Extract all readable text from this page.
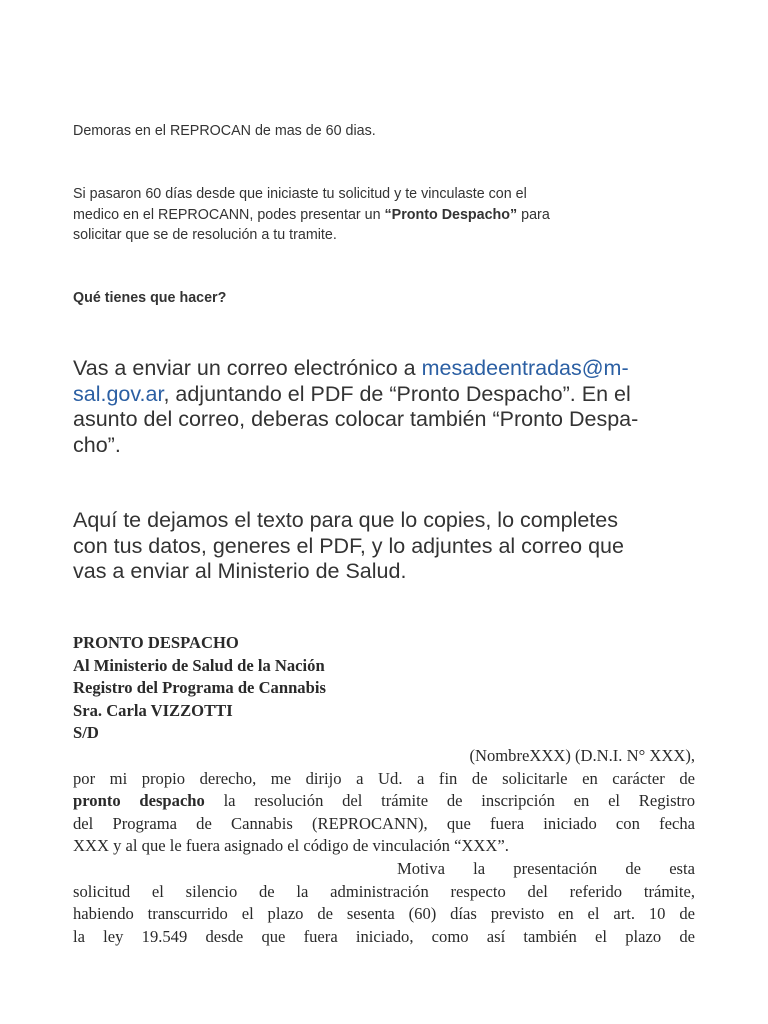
Demoras en el REPROCAN de mas de 60 dias.

Si pasaron 60 días desde que iniciaste tu solicitud y te vinculaste con el
medico en el REPROCANN, podes presentar un “Pronto Despacho” para
solicitar que se de resolución a tu tramite.

Qué tienes que hacer?

Vas a enviar un correo electrónico a mesadeentradas@m-
sal.gov.ar, adjuntando el PDF de “Pronto Despacho”. En el
asunto del correo, deberas colocar también “Pronto Despa-
cho”.

Aquí te dejamos el texto para que lo copies, lo completes
con tus datos, generes el PDF, y lo adjuntes al correo que
vas a enviar al Ministerio de Salud.

PRONTO DESPACHO
Al Ministerio de Salud de la Nación
Registro del Programa de Cannabis
Sra. Carla VIZZOTTI
S/D
(NombreXXX) (D.N.I. N° XXX),
por mi propio derecho, me dirijo a Ud. a fin de solicitarle en carácter de
pronto despacho la resolución del trámite de inscripción en el Registro
del Programa de Cannabis (REPROCANN), que fuera iniciado con fecha
XXX y al que le fuera asignado el código de vinculación “XXX”.
Motiva la presentación de esta
solicitud el silencio de la administración respecto del referido trámite,
habiendo transcurrido el plazo de sesenta (60) días previsto en el art. 10 de
la ley 19.549 desde que fuera iniciado, como así también el plazo de
